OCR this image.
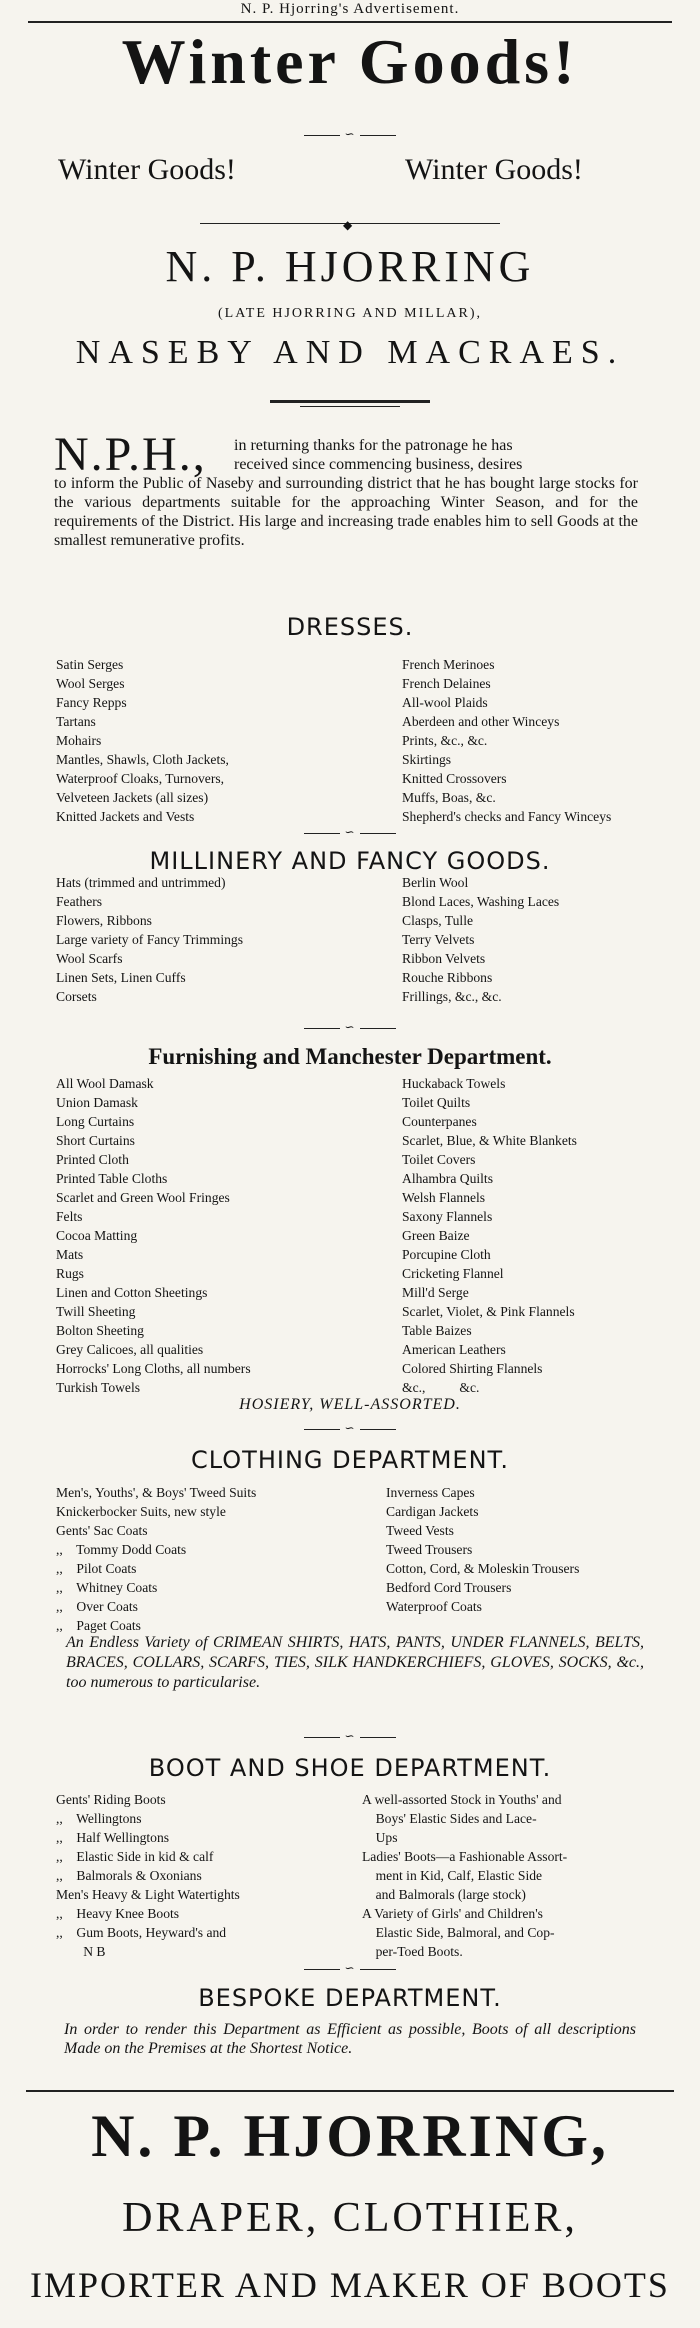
N. P. Hjorring's Advertisement.
Winter Goods!
∽
Winter Goods!	Winter Goods!
◆
N. P. HJORRING
(LATE HJORRING AND MILLAR),
NASEBY AND MACRAES.
N.P.H., in returning thanks for the patronage he has
received since commencing business, desires
to inform the Public of Naseby and surrounding district that he has bought large stocks for the various departments suitable for the approaching Winter Season, and for the requirements of the District. His large and increasing trade enables him to sell Goods at the smallest remunerative profits.
DRESSES.
Satin Serges
Wool Serges
Fancy Repps
Tartans
Mohairs
Mantles, Shawls, Cloth Jackets,
Waterproof Cloaks, Turnovers,
Velveteen Jackets (all sizes)
Knitted Jackets and Vests
French Merinoes
French Delaines
All-wool Plaids
Aberdeen and other Winceys
Prints, &c., &c.
Skirtings
Knitted Crossovers
Muffs, Boas, &c.
Shepherd's checks and Fancy Winceys
∽
MILLINERY AND FANCY GOODS.
Hats (trimmed and untrimmed)
Feathers
Flowers, Ribbons
Large variety of Fancy Trimmings
Wool Scarfs
Linen Sets, Linen Cuffs
Corsets
Berlin Wool
Blond Laces, Washing Laces
Clasps, Tulle
Terry Velvets
Ribbon Velvets
Rouche Ribbons
Frillings, &c., &c.
∽
Furnishing and Manchester Department.
All Wool Damask
Union Damask
Long Curtains
Short Curtains
Printed Cloth
Printed Table Cloths
Scarlet and Green Wool Fringes
Felts
Cocoa Matting
Mats
Rugs
Linen and Cotton Sheetings
Twill Sheeting
Bolton Sheeting
Grey Calicoes, all qualities
Horrocks' Long Cloths, all numbers
Turkish Towels
Huckaback Towels
Toilet Quilts
Counterpanes
Scarlet, Blue, & White Blankets
Toilet Covers
Alhambra Quilts
Welsh Flannels
Saxony Flannels
Green Baize
Porcupine Cloth
Cricketing Flannel
Mill'd Serge
Scarlet, Violet, & Pink Flannels
Table Baizes
American Leathers
Colored Shirting Flannels
&c.,          &c.
HOSIERY, WELL-ASSORTED.
∽
CLOTHING DEPARTMENT.
Men's, Youths', & Boys' Tweed Suits
Knickerbocker Suits, new style
Gents' Sac Coats
,,    Tommy Dodd Coats
,,    Pilot Coats
,,    Whitney Coats
,,    Over Coats
,,    Paget Coats
Inverness Capes
Cardigan Jackets
Tweed Vests
Tweed Trousers
Cotton, Cord, & Moleskin Trousers
Bedford Cord Trousers
Waterproof Coats
An Endless Variety of CRIMEAN SHIRTS, HATS, PANTS, UNDER FLANNELS, BELTS, BRACES, COLLARS, SCARFS, TIES, SILK HANDKERCHIEFS, GLOVES, SOCKS, &c., too numerous to particularise.
∽
BOOT AND SHOE DEPARTMENT.
Gents' Riding Boots
,,    Wellingtons
,,    Half Wellingtons
,,    Elastic Side in kid & calf
,,    Balmorals & Oxonians
Men's Heavy & Light Watertights
,,    Heavy Knee Boots
,,    Gum Boots, Heyward's and
N B
A well-assorted Stock in Youths' and
Boys' Elastic Sides and Lace-
Ups
Ladies' Boots—a Fashionable Assort-
ment in Kid, Calf, Elastic Side
and Balmorals (large stock)
A Variety of Girls' and Children's
Elastic Side, Balmoral, and Cop-
per-Toed Boots.
∽
BESPOKE DEPARTMENT.
In order to render this Department as Efficient as possible, Boots of all descriptions Made on the Premises at the Shortest Notice.
N. P. HJORRING,
DRAPER, CLOTHIER,
IMPORTER AND MAKER OF BOOTS
